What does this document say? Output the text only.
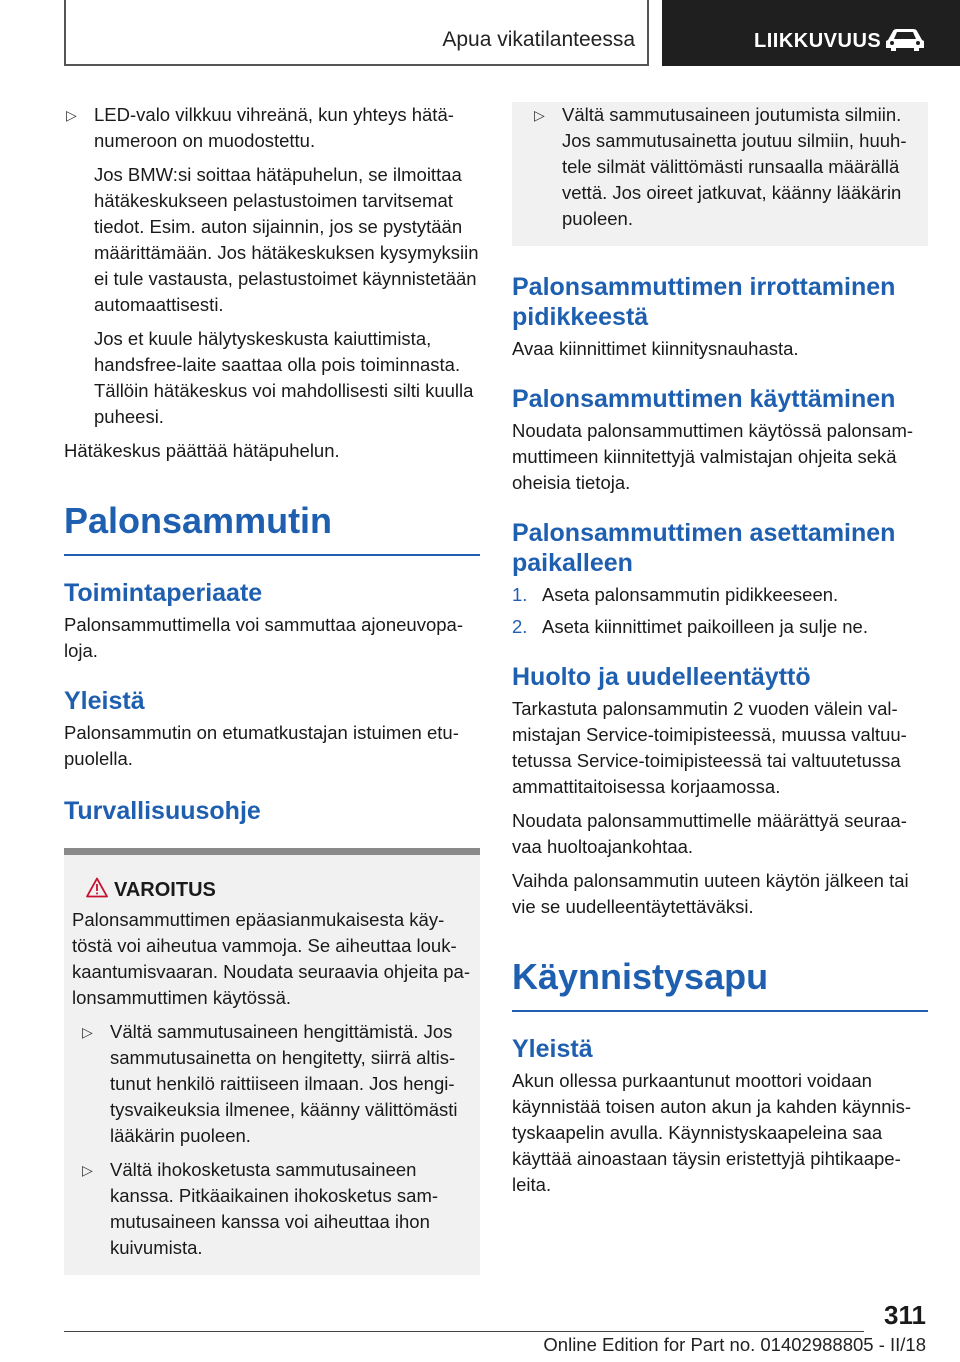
Apua vikatilanteessa	LIIKKUVUUS
▷ LED-valo vilkkuu vihreänä, kun yhteys hätänumeroon on muodostettu.
Jos BMW:si soittaa hätäpuhelun, se ilmoittaa hätäkeskukseen pelastustoimen tarvitsemat tiedot. Esim. auton sijainnin, jos se pystytään määrittämään. Jos hätäkeskuksen kysymyksiin ei tule vastausta, pelastustoimet käynnistetään automaattisesti.
Jos et kuule hälytyskeskusta kaiuttimista, handsfree-laite saattaa olla pois toiminnasta. Tällöin hätäkeskus voi mahdollisesti silti kuulla puheesi.
Hätäkeskus päättää hätäpuhelun.
Palonsammutin
Toimintaperiaate
Palonsammuttimella voi sammuttaa ajoneuvopaloja.
Yleistä
Palonsammutin on etumatkustajan istuimen etupuolella.
Turvallisuusohje
VAROITUS
Palonsammuttimen epäasianmukaisesta käytöstä voi aiheutua vammoja. Se aiheuttaa loukkaantumisvaaran. Noudata seuraavia ohjeita palonsammuttimen käytössä.
▷ Vältä sammutusaineen hengittämistä. Jos sammutusainetta on hengitetty, siirrä altistunut henkilö raittiiseen ilmaan. Jos hengitysvaikeuksia ilmenee, käänny välittömästi lääkärin puoleen.
▷ Vältä ihokosketusta sammutusaineen kanssa. Pitkäaikainen ihokosketus sammutusaineen kanssa voi aiheuttaa ihon kuivumista.
▷ Vältä sammutusaineen joutumista silmiin. Jos sammutusainetta joutuu silmiin, huuhtele silmät välittömästi runsaalla määrällä vettä. Jos oireet jatkuvat, käänny lääkärin puoleen.
Palonsammuttimen irrottaminen pidikkeestä
Avaa kiinnittimet kiinnitysnauhasta.
Palonsammuttimen käyttäminen
Noudata palonsammuttimen käytössä palonsammuttimeen kiinnitettyjä valmistajan ohjeita sekä oheisia tietoja.
Palonsammuttimen asettaminen paikalleen
1. Aseta palonsammutin pidikkeeseen.
2. Aseta kiinnittimet paikoilleen ja sulje ne.
Huolto ja uudelleentäyttö
Tarkastuta palonsammutin 2 vuoden välein valmistajan Service-toimipisteessä, muussa valtuutetussa Service-toimipisteessä tai valtuutetussa ammattitaitoisessa korjaamossa.
Noudata palonsammuttimelle määrättyä seuraavaa huoltoajankohtaa.
Vaihda palonsammutin uuteen käytön jälkeen tai vie se uudelleentäytettäväksi.
Käynnistysapu
Yleistä
Akun ollessa purkaantunut moottori voidaan käynnistää toisen auton akun ja kahden käynnistyskaapelin avulla. Käynnistyskaapeleina saa käyttää ainoastaan täysin eristettyjä pihtikaapeleita.
311
Online Edition for Part no. 01402988805 - II/18
